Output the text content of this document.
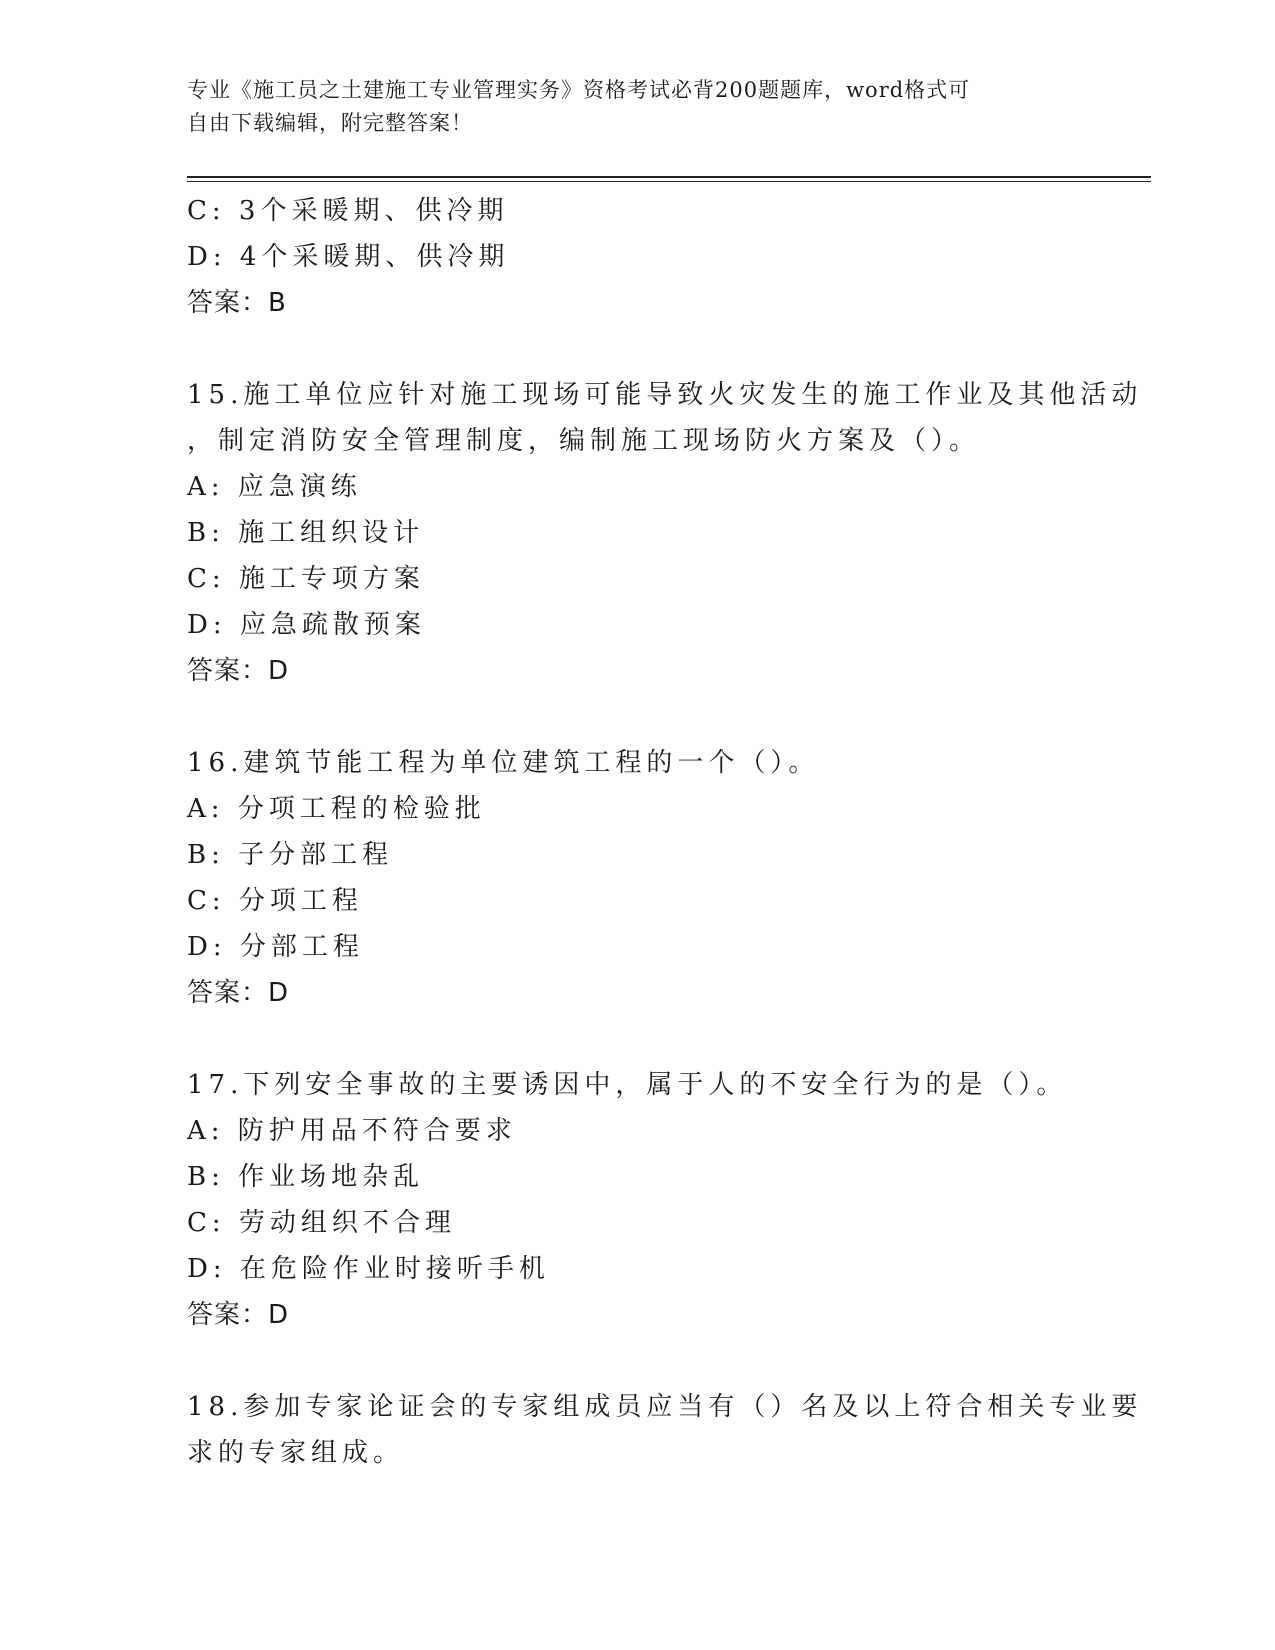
专业《施工员之土建施工专业管理实务》资格考试必背200题题库，word格式可
自由下载编辑，附完整答案！
C: 3个采暖期、供冷期
D: 4个采暖期、供冷期
答案：B
15.施工单位应针对施工现场可能导致火灾发生的施工作业及其他活动
，制定消防安全管理制度，编制施工现场防火方案及（）。
A: 应急演练
B: 施工组织设计
C: 施工专项方案
D: 应急疏散预案
答案：D
16.建筑节能工程为单位建筑工程的一个（）。
A: 分项工程的检验批
B: 子分部工程
C: 分项工程
D: 分部工程
答案：D
17.下列安全事故的主要诱因中，属于人的不安全行为的是（）。
A: 防护用品不符合要求
B: 作业场地杂乱
C: 劳动组织不合理
D: 在危险作业时接听手机
答案：D
18.参加专家论证会的专家组成员应当有（）名及以上符合相关专业要
求的专家组成。
